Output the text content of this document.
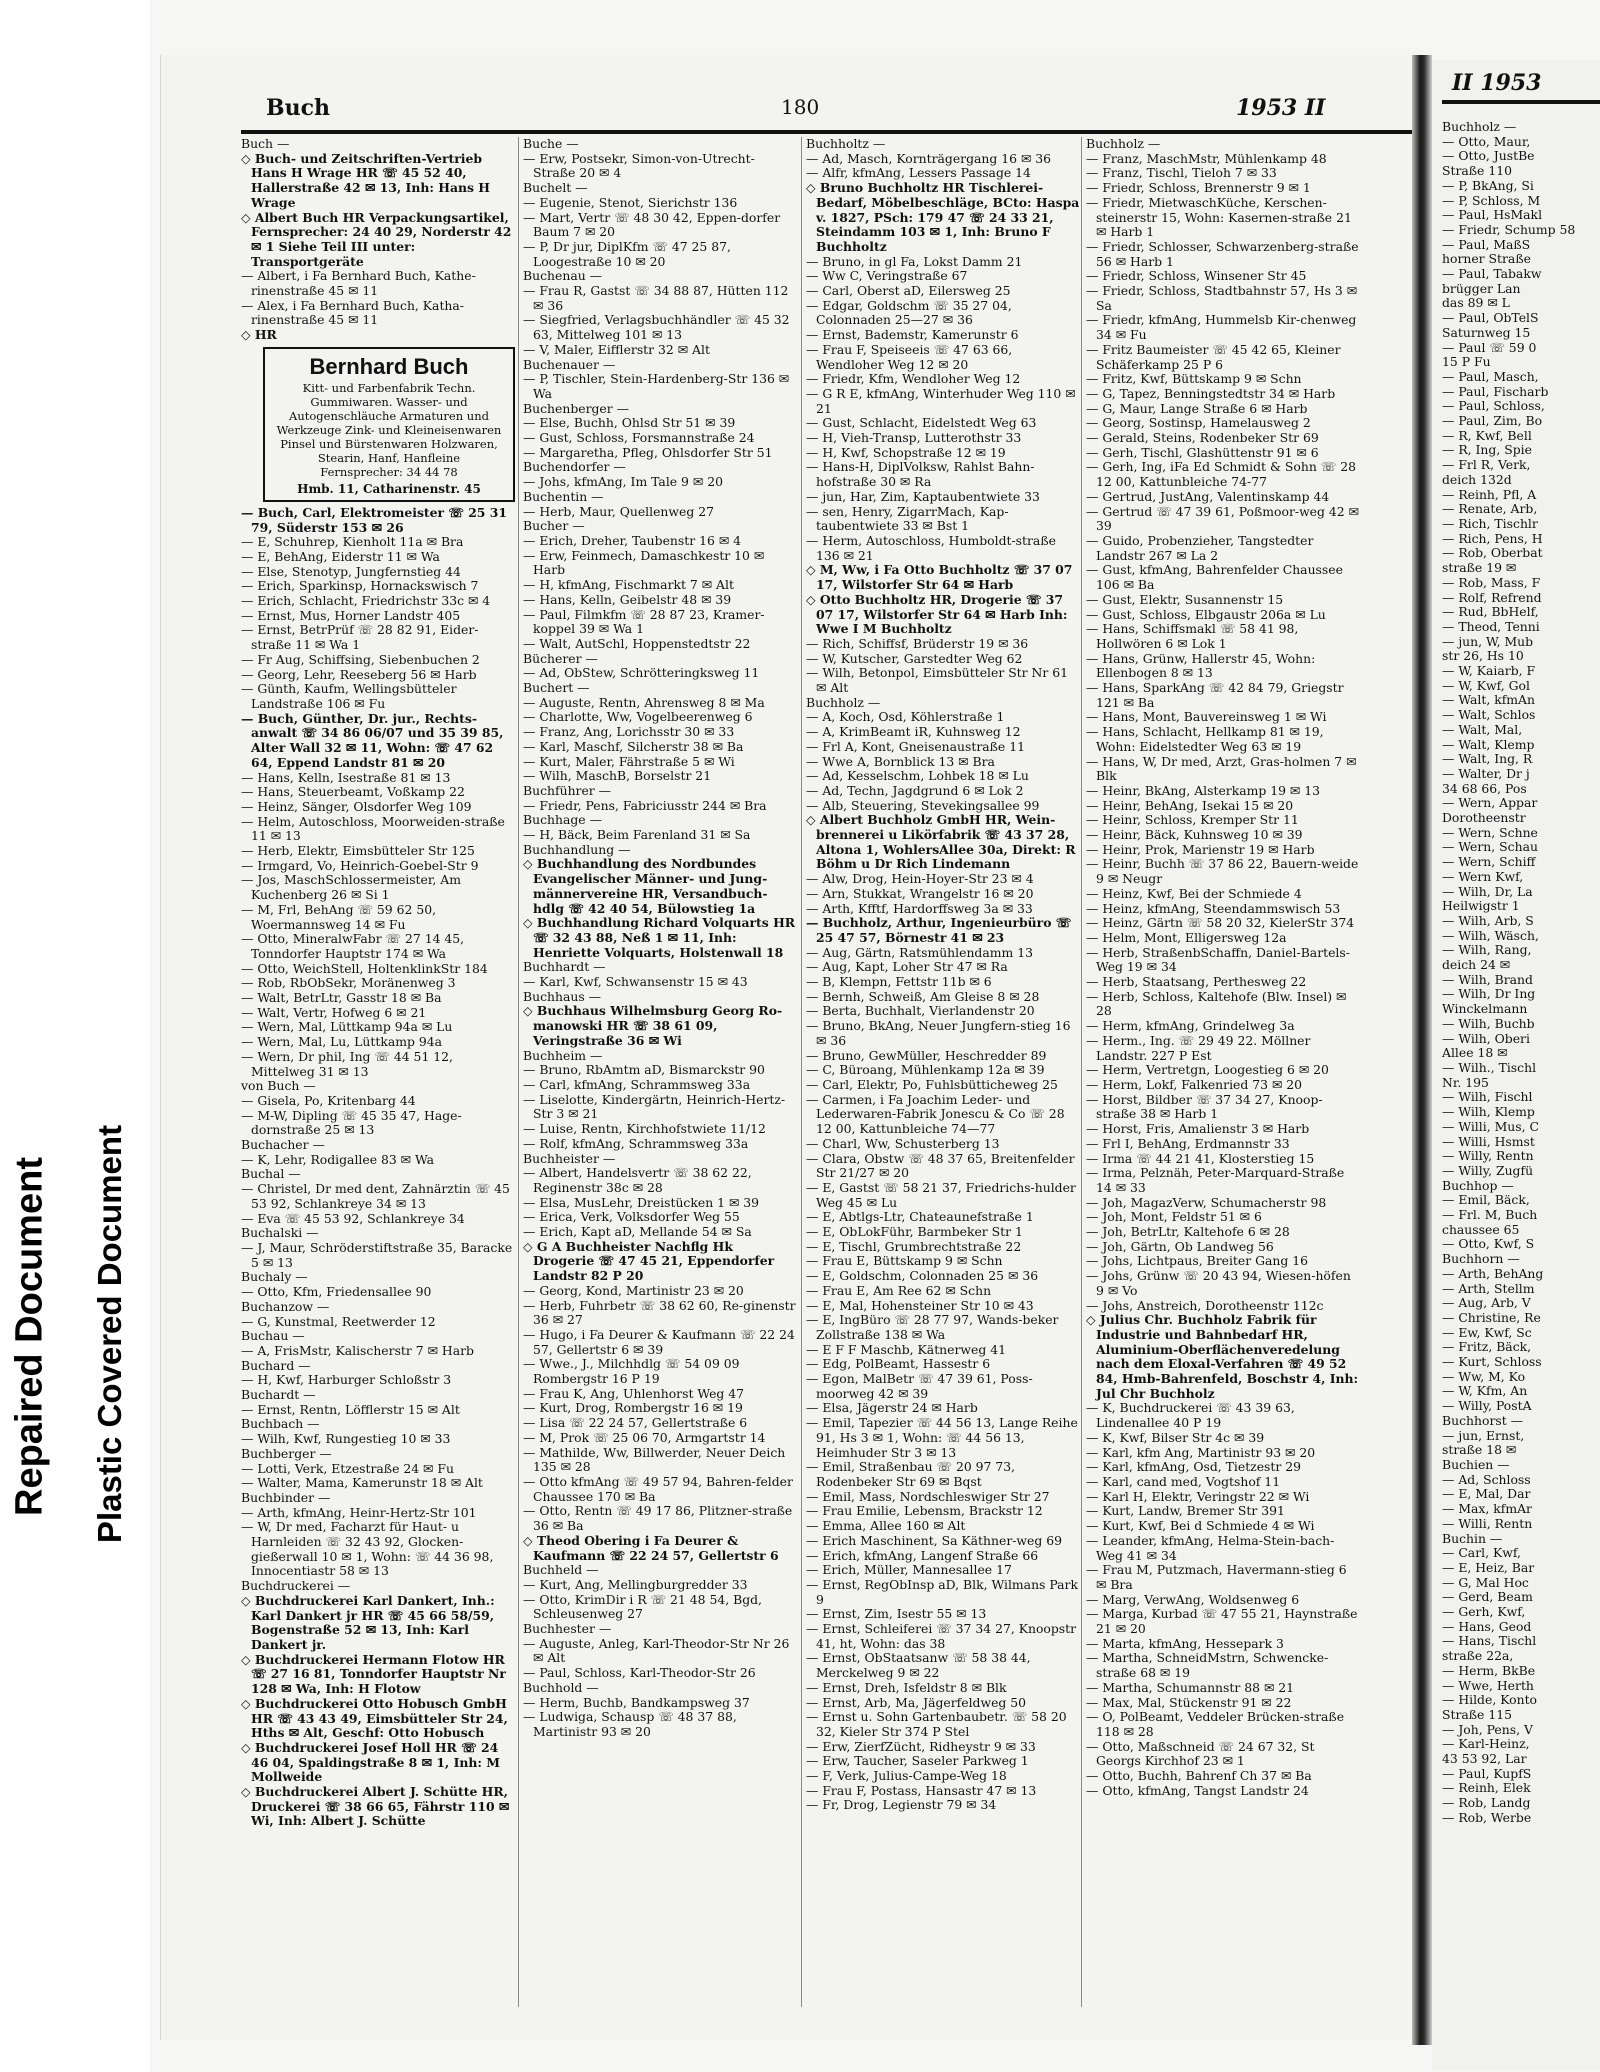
Repaired Document Plastic Covered Document
Buch	180	1953 II
Buch —
◇ Buch- und Zeitschriften-Vertrieb Hans H Wrage HR ☏ 45 52 40, Hallerstraße 42 ✉ 13, Inh: Hans H Wrage
◇ Albert Buch HR Verpackungsartikel, Fernsprecher: 24 40 29, Norderstr 42 ✉ 1 Siehe Teil III unter: Transportgeräte
— Albert, i Fa Bernhard Buch, Kathe-rinenstraße 45 ✉ 11
— Alex, i Fa Bernhard Buch, Katha-rinenstraße 45 ✉ 11
◇ HR
Bernhard Buch
Kitt- und Farbenfabrik Techn. Gummiwaren. Wasser- und Autogenschläuche Armaturen und Werkzeuge Zink- und Kleineisenwaren Pinsel und Bürstenwaren Holzwaren, Stearin, Hanf, Hanfleine
Fernsprecher: 34 44 78
Hmb. 11, Catharinenstr. 45
— Buch, Carl, Elektromeister ☏ 25 31 79, Süderstr 153 ✉ 26
— E, Schuhrep, Kienholt 11a ✉ Bra
— E, BehAng, Eiderstr 11 ✉ Wa
— Else, Stenotyp, Jungfernstieg 44
— Erich, Sparkinsp, Hornackswisch 7
— Erich, Schlacht, Friedrichstr 33c ✉ 4
— Ernst, Mus, Horner Landstr 405
— Ernst, BetrPrüf ☏ 28 82 91, Eider-straße 11 ✉ Wa 1
— Fr Aug, Schiffsing, Siebenbuchen 2
— Georg, Lehr, Reeseberg 56 ✉ Harb
— Günth, Kaufm, Wellingsbütteler Landstraße 106 ✉ Fu
— Buch, Günther, Dr. jur., Rechts-anwalt ☏ 34 86 06/07 und 35 39 85, Alter Wall 32 ✉ 11, Wohn: ☏ 47 62 64, Eppend Landstr 81 ✉ 20
— Hans, Kelln, Isestraße 81 ✉ 13
— Hans, Steuerbeamt, Voßkamp 22
— Heinz, Sänger, Olsdorfer Weg 109
— Helm, Autoschloss, Moorweiden-straße 11 ✉ 13
— Herb, Elektr, Eimsbütteler Str 125
— Irmgard, Vo, Heinrich-Goebel-Str 9
— Jos, MaschSchlossermeister, Am Kuchenberg 26 ✉ Si 1
— M, Frl, BehAng ☏ 59 62 50, Woermannsweg 14 ✉ Fu
— Otto, MineralwFabr ☏ 27 14 45, Tonndorfer Hauptstr 174 ✉ Wa
— Otto, WeichStell, HoltenklinkStr 184
— Rob, RbObSekr, Moränenweg 3
— Walt, BetrLtr, Gasstr 18 ✉ Ba
— Walt, Vertr, Hofweg 6 ✉ 21
— Wern, Mal, Lüttkamp 94a ✉ Lu
— Wern, Mal, Lu, Lüttkamp 94a
— Wern, Dr phil, Ing ☏ 44 51 12, Mittelweg 31 ✉ 13
von Buch —
— Gisela, Po, Kritenbarg 44
— M-W, Dipling ☏ 45 35 47, Hage-dornstraße 25 ✉ 13
Buchacher —
— K, Lehr, Rodigallee 83 ✉ Wa
Buchal —
— Christel, Dr med dent, Zahnärztin ☏ 45 53 92, Schlankreye 34 ✉ 13
— Eva ☏ 45 53 92, Schlankreye 34
Buchalski —
— J, Maur, Schröderstiftstraße 35, Baracke 5 ✉ 13
Buchaly —
— Otto, Kfm, Friedensallee 90
Buchanzow —
— G, Kunstmal, Reetwerder 12
Buchau —
— A, FrisMstr, Kalischerstr 7 ✉ Harb
Buchard —
— H, Kwf, Harburger Schloßstr 3
Buchardt —
— Ernst, Rentn, Löfflerstr 15 ✉ Alt
Buchbach —
— Wilh, Kwf, Rungestieg 10 ✉ 33
Buchberger —
— Lotti, Verk, Etzestraße 24 ✉ Fu
— Walter, Mama, Kamerunstr 18 ✉ Alt
Buchbinder —
— Arth, kfmAng, Heinr-Hertz-Str 101
— W, Dr med, Facharzt für Haut- u Harnleiden ☏ 32 43 92, Glocken-gießerwall 10 ✉ 1, Wohn: ☏ 44 36 98, Innocentiastr 58 ✉ 13
Buchdruckerei —
◇ Buchdruckerei Karl Dankert, Inh.: Karl Dankert jr HR ☏ 45 66 58/59, Bogenstraße 52 ✉ 13, Inh: Karl Dankert jr.
◇ Buchdruckerei Hermann Flotow HR ☏ 27 16 81, Tonndorfer Hauptstr Nr 128 ✉ Wa, Inh: H Flotow
◇ Buchdruckerei Otto Hobusch GmbH HR ☏ 43 43 49, Eimsbütteler Str 24, Hths ✉ Alt, Geschf: Otto Hobusch
◇ Buchdruckerei Josef Holl HR ☏ 24 46 04, Spaldingstraße 8 ✉ 1, Inh: M Mollweide
◇ Buchdruckerei Albert J. Schütte HR, Druckerei ☏ 38 66 65, Fährstr 110 ✉ Wi, Inh: Albert J. Schütte
Buche —
— Erw, Postsekr, Simon-von-Utrecht-Straße 20 ✉ 4
Buchelt —
— Eugenie, Stenot, Sierichstr 136
— Mart, Vertr ☏ 48 30 42, Eppen-dorfer Baum 7 ✉ 20
— P, Dr jur, DiplKfm ☏ 47 25 87, Loogestraße 10 ✉ 20
Buchenau —
— Frau R, Gastst ☏ 34 88 87, Hütten 112 ✉ 36
— Siegfried, Verlagsbuchhändler ☏ 45 32 63, Mittelweg 101 ✉ 13
— V, Maler, Eifflerstr 32 ✉ Alt
Buchenauer —
— P, Tischler, Stein-Hardenberg-Str 136 ✉ Wa
Buchenberger —
— Else, Buchh, Ohlsd Str 51 ✉ 39
— Gust, Schloss, Forsmannstraße 24
— Margaretha, Pfleg, Ohlsdorfer Str 51
Buchendorfer —
— Johs, kfmAng, Im Tale 9 ✉ 20
Buchentin —
— Herb, Maur, Quellenweg 27
Bucher —
— Erich, Dreher, Taubenstr 16 ✉ 4
— Erw, Feinmech, Damaschkestr 10 ✉ Harb
— H, kfmAng, Fischmarkt 7 ✉ Alt
— Hans, Kelln, Geibelstr 48 ✉ 39
— Paul, Filmkfm ☏ 28 87 23, Kramer-koppel 39 ✉ Wa 1
— Walt, AutSchl, Hoppenstedtstr 22
Bücherer —
— Ad, ObStew, Schrötteringksweg 11
Buchert —
— Auguste, Rentn, Ahrensweg 8 ✉ Ma
— Charlotte, Ww, Vogelbeerenweg 6
— Franz, Ang, Lorichsstr 30 ✉ 33
— Karl, Maschf, Silcherstr 38 ✉ Ba
— Kurt, Maler, Fährstraße 5 ✉ Wi
— Wilh, MaschB, Borselstr 21
Buchführer —
— Friedr, Pens, Fabriciusstr 244 ✉ Bra
Buchhage —
— H, Bäck, Beim Farenland 31 ✉ Sa
Buchhandlung —
◇ Buchhandlung des Nordbundes Evangelischer Männer- und Jung-männervereine HR, Versandbuch-hdlg ☏ 42 40 54, Bülowstieg 1a
◇ Buchhandlung Richard Volquarts HR ☏ 32 43 88, Neß 1 ✉ 11, Inh: Henriette Volquarts, Holstenwall 18
Buchhardt —
— Karl, Kwf, Schwansenstr 15 ✉ 43
Buchhaus —
◇ Buchhaus Wilhelmsburg Georg Ro-manowski HR ☏ 38 61 09, Veringstraße 36 ✉ Wi
Buchheim —
— Bruno, RbAmtm aD, Bismarckstr 90
— Carl, kfmAng, Schrammsweg 33a
— Liselotte, Kindergärtn, Heinrich-Hertz-Str 3 ✉ 21
— Luise, Rentn, Kirchhofstwiete 11/12
— Rolf, kfmAng, Schrammsweg 33a
Buchheister —
— Albert, Handelsvertr ☏ 38 62 22, Reginenstr 38c ✉ 28
— Elsa, MusLehr, Dreistücken 1 ✉ 39
— Erica, Verk, Volksdorfer Weg 55
— Erich, Kapt aD, Mellande 54 ✉ Sa
◇ G A Buchheister Nachflg Hk Drogerie ☏ 47 45 21, Eppendorfer Landstr 82 P 20
— Georg, Kond, Martinistr 23 ✉ 20
— Herb, Fuhrbetr ☏ 38 62 60, Re-ginenstr 36 ✉ 27
— Hugo, i Fa Deurer & Kaufmann ☏ 22 24 57, Gellertstr 6 ✉ 39
— Wwe., J., Milchhdlg ☏ 54 09 09 Rombergstr 16 P 19
— Frau K, Ang, Uhlenhorst Weg 47
— Kurt, Drog, Rombergstr 16 ✉ 19
— Lisa ☏ 22 24 57, Gellertstraße 6
— M, Prok ☏ 25 06 70, Armgartstr 14
— Mathilde, Ww, Billwerder, Neuer Deich 135 ✉ 28
— Otto kfmAng ☏ 49 57 94, Bahren-felder Chaussee 170 ✉ Ba
— Otto, Rentn ☏ 49 17 86, Plitzner-straße 36 ✉ Ba
◇ Theod Obering i Fa Deurer & Kaufmann ☏ 22 24 57, Gellertstr 6
Buchheld —
— Kurt, Ang, Mellingburgredder 33
— Otto, KrimDir i R ☏ 21 48 54, Bgd, Schleusenweg 27
Buchhester —
— Auguste, Anleg, Karl-Theodor-Str Nr 26 ✉ Alt
— Paul, Schloss, Karl-Theodor-Str 26
Buchhold —
— Herm, Buchb, Bandkampsweg 37
— Ludwiga, Schausp ☏ 48 37 88, Martinistr 93 ✉ 20
Buchholtz —
— Ad, Masch, Kornträgergang 16 ✉ 36
— Alfr, kfmAng, Lessers Passage 14
◇ Bruno Buchholtz HR Tischlerei-Bedarf, Möbelbeschläge, BCto: Haspa v. 1827, PSch: 179 47 ☏ 24 33 21, Steindamm 103 ✉ 1, Inh: Bruno F Buchholtz
— Bruno, in gl Fa, Lokst Damm 21
— Ww C, Veringstraße 67
— Carl, Oberst aD, Eilersweg 25
— Edgar, Goldschm ☏ 35 27 04, Colonnaden 25—27 ✉ 36
— Ernst, Bademstr, Kamerunstr 6
— Frau F, Speiseeis ☏ 47 63 66, Wendloher Weg 12 ✉ 20
— Friedr, Kfm, Wendloher Weg 12
— G R E, kfmAng, Winterhuder Weg 110 ✉ 21
— Gust, Schlacht, Eidelstedt Weg 63
— H, Vieh-Transp, Lutterothstr 33
— H, Kwf, Schopstraße 12 ✉ 19
— Hans-H, DiplVolksw, Rahlst Bahn-hofstraße 30 ✉ Ra
— jun, Har, Zim, Kaptaubentwiete 33
— sen, Henry, ZigarrMach, Kap-taubentwiete 33 ✉ Bst 1
— Herm, Autoschloss, Humboldt-straße 136 ✉ 21
◇ M, Ww, i Fa Otto Buchholtz ☏ 37 07 17, Wilstorfer Str 64 ✉ Harb
◇ Otto Buchholtz HR, Drogerie ☏ 37 07 17, Wilstorfer Str 64 ✉ Harb Inh: Wwe I M Buchholtz
— Rich, Schiffsf, Brüderstr 19 ✉ 36
— W, Kutscher, Garstedter Weg 62
— Wilh, Betonpol, Eimsbütteler Str Nr 61 ✉ Alt
Buchholz —
— A, Koch, Osd, Köhlerstraße 1
— A, KrimBeamt iR, Kuhnsweg 12
— Frl A, Kont, Gneisenaustraße 11
— Wwe A, Bornblick 13 ✉ Bra
— Ad, Kesselschm, Lohbek 18 ✉ Lu
— Ad, Techn, Jagdgrund 6 ✉ Lok 2
— Alb, Steuering, Stevekingsallee 99
◇ Albert Buchholz GmbH HR, Wein-brennerei u Likörfabrik ☏ 43 37 28, Altona 1, WohlersAllee 30a, Direkt: R Böhm u Dr Rich Lindemann
— Alw, Drog, Hein-Hoyer-Str 23 ✉ 4
— Arn, Stukkat, Wrangelstr 16 ✉ 20
— Arth, Kfftf, Hardorffsweg 3a ✉ 33
— Buchholz, Arthur, Ingenieurbüro ☏ 25 47 57, Börnestr 41 ✉ 23
— Aug, Gärtn, Ratsmühlendamm 13
— Aug, Kapt, Loher Str 47 ✉ Ra
— B, Klempn, Fettstr 11b ✉ 6
— Bernh, Schweiß, Am Gleise 8 ✉ 28
— Berta, Buchhalt, Vierlandenstr 20
— Bruno, BkAng, Neuer Jungfern-stieg 16 ✉ 36
— Bruno, GewMüller, Heschredder 89
— C, Büroang, Mühlenkamp 12a ✉ 39
— Carl, Elektr, Po, Fuhlsbütticheweg 25
— Carmen, i Fa Joachim Leder- und Lederwaren-Fabrik Jonescu & Co ☏ 28 12 00, Kattunbleiche 74—77
— Charl, Ww, Schusterberg 13
— Clara, Obstw ☏ 48 37 65, Breitenfelder Str 21/27 ✉ 20
— E, Gastst ☏ 58 21 37, Friedrichs-hulder Weg 45 ✉ Lu
— E, Abtlgs-Ltr, Chateaunefstraße 1
— E, ObLokFühr, Barmbeker Str 1
— E, Tischl, Grumbrechtstraße 22
— Frau E, Büttskamp 9 ✉ Schn
— E, Goldschm, Colonnaden 25 ✉ 36
— Frau E, Am Ree 62 ✉ Schn
— E, Mal, Hohensteiner Str 10 ✉ 43
— E, IngBüro ☏ 28 77 97, Wands-beker Zollstraße 138 ✉ Wa
— E F F Maschb, Kätnerweg 41
— Edg, PolBeamt, Hassestr 6
— Egon, MalBetr ☏ 47 39 61, Poss-moorweg 42 ✉ 39
— Elsa, Jägerstr 24 ✉ Harb
— Emil, Tapezier ☏ 44 56 13, Lange Reihe 91, Hs 3 ✉ 1, Wohn: ☏ 44 56 13, Heimhuder Str 3 ✉ 13
— Emil, Straßenbau ☏ 20 97 73, Rodenbeker Str 69 ✉ Bqst
— Emil, Mass, Nordschleswiger Str 27
— Frau Emilie, Lebensm, Brackstr 12
— Emma, Allee 160 ✉ Alt
— Erich Maschinent, Sa Käthner-weg 69
— Erich, kfmAng, Langenf Straße 66
— Erich, Müller, Mannesallee 17
— Ernst, RegObInsp aD, Blk, Wilmans Park 9
— Ernst, Zim, Isestr 55 ✉ 13
— Ernst, Schleiferei ☏ 37 34 27, Knoopstr 41, ht, Wohn: das 38
— Ernst, ObStaatsanw ☏ 58 38 44, Merckelweg 9 ✉ 22
— Ernst, Dreh, Isfeldstr 8 ✉ Blk
— Ernst, Arb, Ma, Jägerfeldweg 50
— Ernst u. Sohn Gartenbaubetr. ☏ 58 20 32, Kieler Str 374 P Stel
— Erw, ZierfZücht, Ridheystr 9 ✉ 33
— Erw, Taucher, Saseler Parkweg 1
— F, Verk, Julius-Campe-Weg 18
— Frau F, Postass, Hansastr 47 ✉ 13
— Fr, Drog, Legienstr 79 ✉ 34
Buchholz —
— Franz, MaschMstr, Mühlenkamp 48
— Franz, Tischl, Tieloh 7 ✉ 33
— Friedr, Schloss, Brennerstr 9 ✉ 1
— Friedr, MietwaschKüche, Kerschen-steinerstr 15, Wohn: Kasernen-straße 21 ✉ Harb 1
— Friedr, Schlosser, Schwarzenberg-straße 56 ✉ Harb 1
— Friedr, Schloss, Winsener Str 45
— Friedr, Schloss, Stadtbahnstr 57, Hs 3 ✉ Sa
— Friedr, kfmAng, Hummelsb Kir-chenweg 34 ✉ Fu
— Fritz Baumeister ☏ 45 42 65, Kleiner Schäferkamp 25 P 6
— Fritz, Kwf, Büttskamp 9 ✉ Schn
— G, Tapez, Benningstedtstr 34 ✉ Harb
— G, Maur, Lange Straße 6 ✉ Harb
— Georg, Sostinsp, Hamelausweg 2
— Gerald, Steins, Rodenbeker Str 69
— Gerh, Tischl, Glashüttenstr 91 ✉ 6
— Gerh, Ing, iFa Ed Schmidt & Sohn ☏ 28 12 00, Kattunbleiche 74-77
— Gertrud, JustAng, Valentinskamp 44
— Gertrud ☏ 47 39 61, Poßmoor-weg 42 ✉ 39
— Guido, Probenzieher, Tangstedter Landstr 267 ✉ La 2
— Gust, kfmAng, Bahrenfelder Chaussee 106 ✉ Ba
— Gust, Elektr, Susannenstr 15
— Gust, Schloss, Elbgaustr 206a ✉ Lu
— Hans, Schiffsmakl ☏ 58 41 98, Hollwören 6 ✉ Lok 1
— Hans, Grünw, Hallerstr 45, Wohn: Ellenbogen 8 ✉ 13
— Hans, SparkAng ☏ 42 84 79, Griegstr 121 ✉ Ba
— Hans, Mont, Bauvereinsweg 1 ✉ Wi
— Hans, Schlacht, Hellkamp 81 ✉ 19, Wohn: Eidelstedter Weg 63 ✉ 19
— Hans, W, Dr med, Arzt, Gras-holmen 7 ✉ Blk
— Heinr, BkAng, Alsterkamp 19 ✉ 13
— Heinr, BehAng, Isekai 15 ✉ 20
— Heinr, Schloss, Kremper Str 11
— Heinr, Bäck, Kuhnsweg 10 ✉ 39
— Heinr, Prok, Marienstr 19 ✉ Harb
— Heinr, Buchh ☏ 37 86 22, Bauern-weide 9 ✉ Neugr
— Heinz, Kwf, Bei der Schmiede 4
— Heinz, kfmAng, Steendammswisch 53
— Heinz, Gärtn ☏ 58 20 32, KielerStr 374
— Helm, Mont, Elligersweg 12a
— Herb, StraßenbSchaffn, Daniel-Bartels-Weg 19 ✉ 34
— Herb, Staatsang, Perthesweg 22
— Herb, Schloss, Kaltehofe (Blw. Insel) ✉ 28
— Herm, kfmAng, Grindelweg 3a
— Herm., Ing. ☏ 29 49 22. Möllner Landstr. 227 P Est
— Herm, Vertretgn, Loogestieg 6 ✉ 20
— Herm, Lokf, Falkenried 73 ✉ 20
— Horst, Bildber ☏ 37 34 27, Knoop-straße 38 ✉ Harb 1
— Horst, Fris, Amalienstr 3 ✉ Harb
— Frl I, BehAng, Erdmannstr 33
— Irma ☏ 44 21 41, Klosterstieg 15
— Irma, Pelznäh, Peter-Marquard-Straße 14 ✉ 33
— Joh, MagazVerw, Schumacherstr 98
— Joh, Mont, Feldstr 51 ✉ 6
— Joh, BetrLtr, Kaltehofe 6 ✉ 28
— Joh, Gärtn, Ob Landweg 56
— Johs, Lichtpaus, Breiter Gang 16
— Johs, Grünw ☏ 20 43 94, Wiesen-höfen 9 ✉ Vo
— Johs, Anstreich, Dorotheenstr 112c
◇ Julius Chr. Buchholz Fabrik für Industrie und Bahnbedarf HR, Aluminium-Oberflächenveredelung nach dem Eloxal-Verfahren ☏ 49 52 84, Hmb-Bahrenfeld, Boschstr 4, Inh: Jul Chr Buchholz
— K, Buchdruckerei ☏ 43 39 63, Lindenallee 40 P 19
— K, Kwf, Bilser Str 4c ✉ 39
— Karl, kfm Ang, Martinistr 93 ✉ 20
— Karl, kfmAng, Osd, Tietzestr 29
— Karl, cand med, Vogtshof 11
— Karl H, Elektr, Veringstr 22 ✉ Wi
— Kurt, Landw, Bremer Str 391
— Kurt, Kwf, Bei d Schmiede 4 ✉ Wi
— Leander, kfmAng, Helma-Stein-bach-Weg 41 ✉ 34
— Frau M, Putzmach, Havermann-stieg 6 ✉ Bra
— Marg, VerwAng, Woldsenweg 6
— Marga, Kurbad ☏ 47 55 21, Haynstraße 21 ✉ 20
— Marta, kfmAng, Hessepark 3
— Martha, SchneidMstrn, Schwencke-straße 68 ✉ 19
— Martha, Schumannstr 88 ✉ 21
— Max, Mal, Stückenstr 91 ✉ 22
— O, PolBeamt, Veddeler Brücken-straße 118 ✉ 28
— Otto, Maßschneid ☏ 24 67 32, St Georgs Kirchhof 23 ✉ 1
— Otto, Buchh, Bahrenf Ch 37 ✉ Ba
— Otto, kfmAng, Tangst Landstr 24
II 1953
Buchholz —
— Otto, Maur,
— Otto, JustBe
Straße 110
— P, BkAng, Si
— P, Schloss, M
— Paul, HsMakl
— Friedr, Schump 58
— Paul, MaßS
horner Straße
— Paul, Tabakw
brügger Lan
das 89 ✉ L
— Paul, ObTelS
Saturnweg 15
— Paul ☏ 59 0
15 P Fu
— Paul, Masch,
— Paul, Fischarb
— Paul, Schloss,
— Paul, Zim, Bo
— R, Kwf, Bell
— R, Ing, Spie
— Frl R, Verk,
deich 132d
— Reinh, Pfl, A
— Renate, Arb,
— Rich, Tischlr
— Rich, Pens, H
— Rob, Oberbat
straße 19 ✉
— Rob, Mass, F
— Rolf, Refrend
— Rud, BbHelf,
— Theod, Tenni
— jun, W, Mub
str 26, Hs 10
— W, Kaiarb, F
— W, Kwf, Gol
— Walt, kfmAn
— Walt, Schlos
— Walt, Mal,
— Walt, Klemp
— Walt, Ing, R
— Walter, Dr j
34 68 66, Pos
— Wern, Appar
Dorotheenstr
— Wern, Schne
— Wern, Schau
— Wern, Schiff
— Wern Kwf,
— Wilh, Dr, La
Heilwigstr 1
— Wilh, Arb, S
— Wilh, Wäsch,
— Wilh, Rang,
deich 24 ✉
— Wilh, Brand
— Wilh, Dr Ing
Winckelmann
— Wilh, Buchb
— Wilh, Oberi
Allee 18 ✉
— Wilh., Tischl
Nr. 195
— Wilh, Fischl
— Wilh, Klemp
— Willi, Mus, C
— Willi, Hsmst
— Willy, Rentn
— Willy, Zugfü
Buchhop —
— Emil, Bäck,
— Frl. M, Buch
chaussee 65
— Otto, Kwf, S
Buchhorn —
— Arth, BehAng
— Arth, Stellm
— Aug, Arb, V
— Christine, Re
— Ew, Kwf, Sc
— Fritz, Bäck,
— Kurt, Schloss
— Ww, M, Ko
— W, Kfm, An
— Willy, PostA
Buchhorst —
— jun, Ernst,
straße 18 ✉
Buchien —
— Ad, Schloss
— E, Mal, Dar
— Max, kfmAr
— Willi, Rentn
Buchin —
— Carl, Kwf,
— E, Heiz, Bar
— G, Mal Hoc
— Gerd, Beam
— Gerh, Kwf,
— Hans, Geod
— Hans, Tischl
straße 22a,
— Herm, BkBe
— Wwe, Herth
— Hilde, Konto
Straße 115
— Joh, Pens, V
— Karl-Heinz,
43 53 92, Lar
— Paul, KupfS
— Reinh, Elek
— Rob, Landg
— Rob, Werbe
